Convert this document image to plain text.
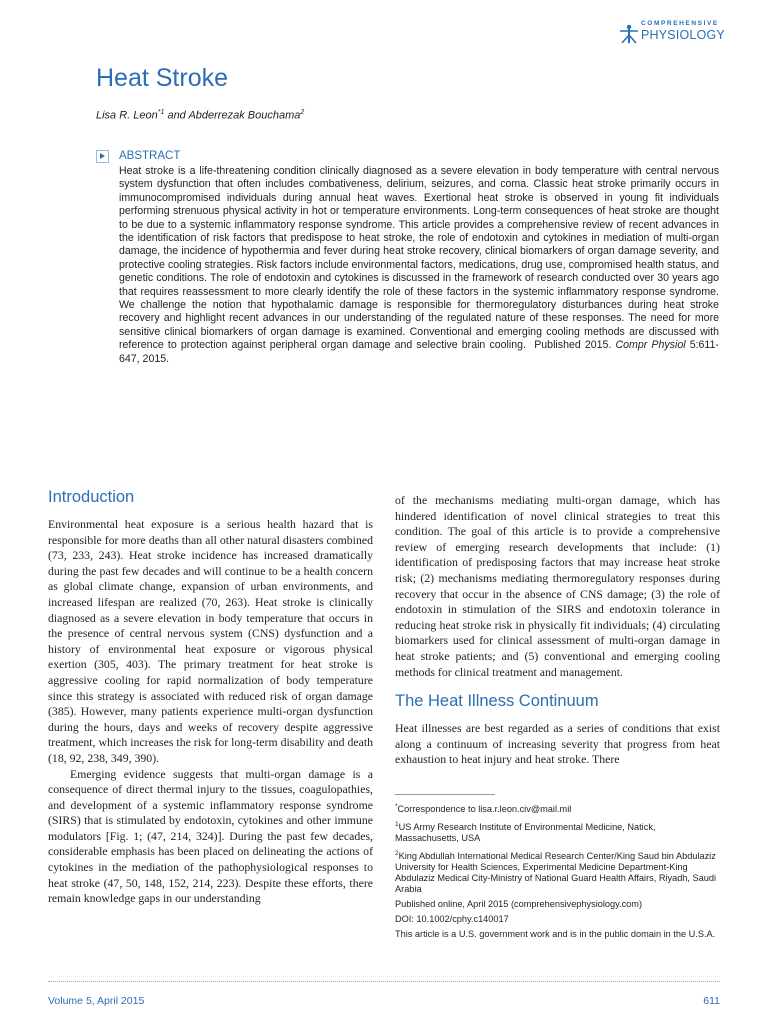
COMPREHENSIVE
PHYSIOLOGY
Heat Stroke
Lisa R. Leon$^{*1}$ and Abderrezak Bouchama$^2$
ABSTRACT

Heat stroke is a life-threatening condition clinically diagnosed as a severe elevation in body temperature with central nervous system dysfunction that often includes combativeness, delirium, seizures, and coma. Classic heat stroke primarily occurs in immunocompromised individuals during annual heat waves. Exertional heat stroke is observed in young fit individuals performing strenuous physical activity in hot or temperature environments. Long-term consequences of heat stroke are thought to be due to a systemic inflammatory response syndrome. This article provides a comprehensive review of recent advances in the identification of risk factors that predispose to heat stroke, the role of endotoxin and cytokines in mediation of multi-organ damage, the incidence of hypothermia and fever during heat stroke recovery, clinical biomarkers of organ damage severity, and protective cooling strategies. Risk factors include environmental factors, medications, drug use, compromised health status, and genetic conditions. The role of endotoxin and cytokines is discussed in the framework of research conducted over 30 years ago that requires reassessment to more clearly identify the role of these factors in the systemic inflammatory response syndrome. We challenge the notion that hypothalamic damage is responsible for thermoregulatory disturbances during heat stroke recovery and highlight recent advances in our understanding of the regulated nature of these responses. The need for more sensitive clinical biomarkers of organ damage is examined. Conventional and emerging cooling methods are discussed with reference to protection against peripheral organ damage and selective brain cooling. Published 2015. Compr Physiol 5:611-647, 2015.

Introduction

Environmental heat exposure is a serious health hazard that is responsible for more deaths than all other natural disasters combined (73, 233, 243). Heat stroke incidence has increased dramatically during the past few decades and will continue to be a health concern as global climate change, expansion of urban environments, and increased lifespan are realized (70, 263). Heat stroke is clinically diagnosed as a severe elevation in body temperature that occurs in the presence of central nervous system (CNS) dysfunction and a history of environmental heat exposure or vigorous physical exertion (305, 403). The primary treatment for heat stroke is aggressive cooling for rapid normalization of body temperature since this strategy is associated with reduced risk of organ damage (385). However, many patients experience multi-organ dysfunction during the hours, days and weeks of recovery despite aggressive treatment, which increases the risk for long-term disability and death (18, 92, 238, 349, 390).

Emerging evidence suggests that multi-organ damage is a consequence of direct thermal injury to the tissues, coagulopathies, and development of a systemic inflammatory response syndrome (SIRS) that is stimulated by endotoxin, cytokines and other immune modulators [Fig. 1; (47, 214, 324)]. During the past few decades, considerable emphasis has been placed on delineating the actions of cytokines in the mediation of the pathophysiological responses to heat stroke (47, 50, 148, 152, 214, 223). Despite these efforts, there remain knowledge gaps in our understanding

of the mechanisms mediating multi-organ damage, which has hindered identification of novel clinical strategies to treat this condition. The goal of this article is to provide a comprehensive review of emerging research developments that include: (1) identification of predisposing factors that may increase heat stroke risk; (2) mechanisms mediating thermoregulatory responses during recovery that occur in the absence of CNS damage; (3) the role of endotoxin in stimulation of the SIRS and endotoxin tolerance in reducing heat stroke risk in physically fit individuals; (4) circulating biomarkers used for clinical assessment of multi-organ damage in heat stroke patients; and (5) conventional and emerging cooling methods for clinical treatment and management.

The Heat Illness Continuum

Heat illnesses are best regarded as a series of conditions that exist along a continuum of increasing severity that progress from heat exhaustion to heat injury and heat stroke. There

*Correspondence to lisa.r.leon.civ@mail.mil

$^1$US Army Research Institute of Environmental Medicine, Natick, Massachusetts, USA

$^2$King Abdullah International Medical Research Center/King Saud bin Abdulaziz University for Health Sciences, Experimental Medicine Department-King Abdulaziz Medical City-Ministry of National Guard Health Affairs, Riyadh, Saudi Arabia

Published online, April 2015 (comprehensivephysiology.com)

DOI: 10.1002/cphy.c140017

This article is a U.S. government work and is in the public domain in the U.S.A.

Volume 5, April 2015	611
